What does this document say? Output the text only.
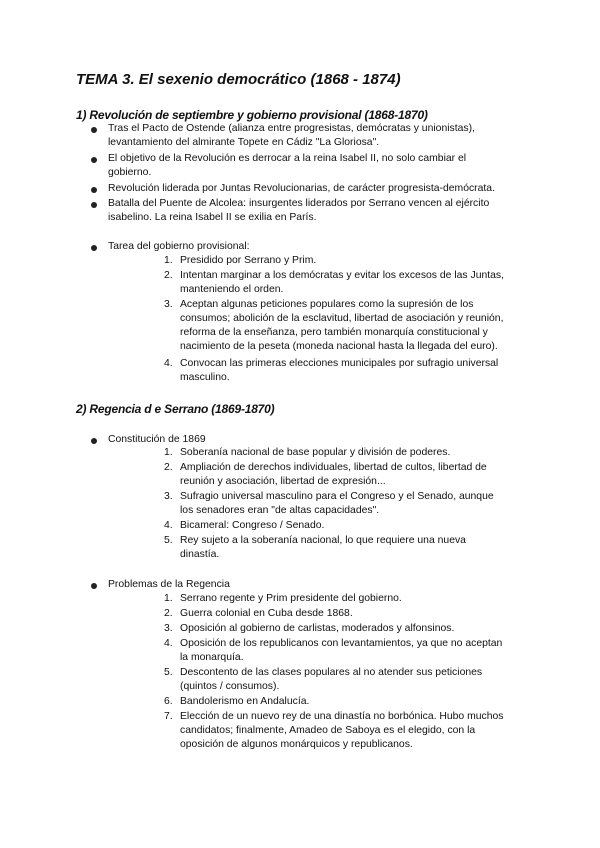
TEMA 3. El sexenio democrático (1868 - 1874)
1) Revolución de septiembre y gobierno provisional (1868-1870)
Tras el Pacto de Ostende (alianza entre progresistas, demócratas y unionistas),
levantamiento del almirante Topete en Cádiz "La Gloriosa".
El objetivo de la Revolución es derrocar a la reina Isabel II, no solo cambiar el
gobierno.
Revolución liderada por Juntas Revolucionarias, de carácter progresista-demócrata.
Batalla del Puente de Alcolea: insurgentes liderados por Serrano vencen al ejército
isabelino. La reina Isabel II se exilia en París.
Tarea del gobierno provisional:
1. Presidido por Serrano y Prim.
2. Intentan marginar a los demócratas y evitar los excesos de las Juntas,
manteniendo el orden.
3. Aceptan algunas peticiones populares como la supresión de los
consumos; abolición de la esclavitud, libertad de asociación y reunión,
reforma de la enseñanza, pero también monarquía constitucional y
nacimiento de la peseta (moneda nacional hasta la llegada del euro).
4. Convocan las primeras elecciones municipales por sufragio universal
masculino.
2) Regencia d e Serrano (1869-1870)
Constitución de 1869
1. Soberanía nacional de base popular y división de poderes.
2. Ampliación de derechos individuales, libertad de cultos, libertad de
reunión y asociación, libertad de expresión...
3. Sufragio universal masculino para el Congreso y el Senado, aunque
los senadores eran "de altas capacidades".
4. Bicameral: Congreso / Senado.
5. Rey sujeto a la soberanía nacional, lo que requiere una nueva
dinastía.
Problemas de la Regencia
1. Serrano regente y Prim presidente del gobierno.
2. Guerra colonial en Cuba desde 1868.
3. Oposición al gobierno de carlistas, moderados y alfonsinos.
4. Oposición de los republicanos con levantamientos, ya que no aceptan
la monarquía.
5. Descontento de las clases populares al no atender sus peticiones
(quintos / consumos).
6. Bandolerismo en Andalucía.
7. Elección de un nuevo rey de una dinastía no borbónica. Hubo muchos
candidatos; finalmente, Amadeo de Saboya es el elegido, con la
oposición de algunos monárquicos y republicanos.
